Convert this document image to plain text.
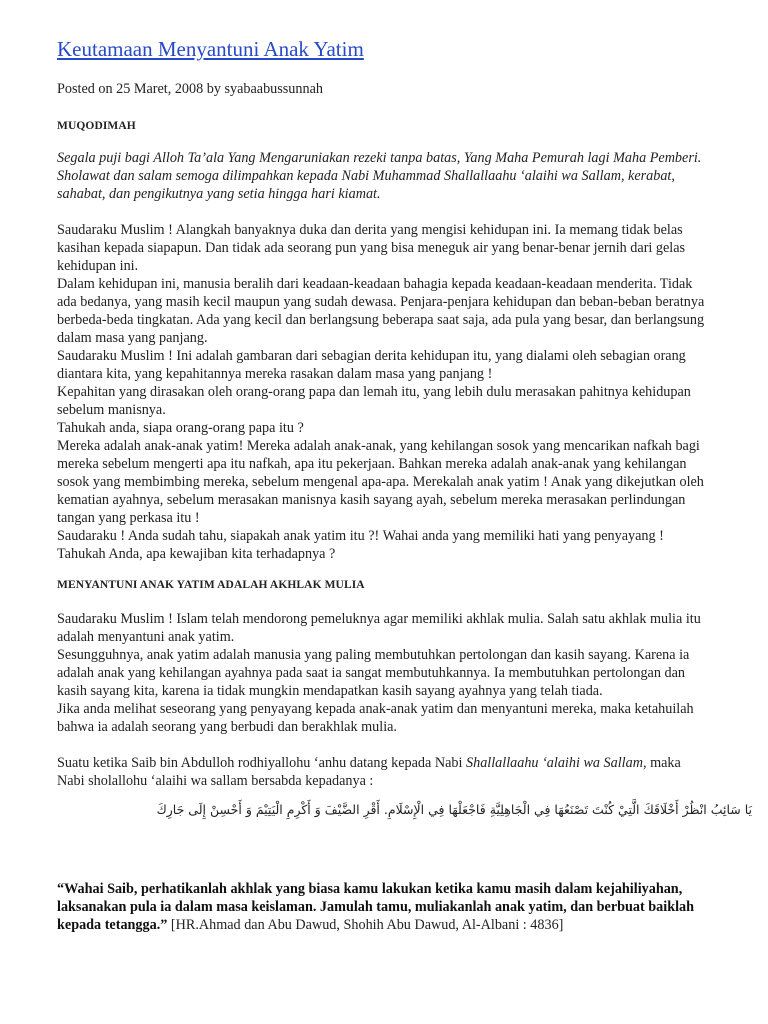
Keutamaan Menyantuni Anak Yatim
Posted on 25 Maret, 2008 by syabaabussunnah
MUQODIMAH

Segala puji bagi Alloh Ta’ala Yang Mengaruniakan rezeki tanpa batas, Yang Maha Pemurah lagi Maha Pemberi.

Sholawat dan salam semoga dilimpahkan kepada Nabi Muhammad Shallallaahu ‘alaihi wa Sallam, kerabat,

sahabat, dan pengikutnya yang setia hingga hari kiamat.

Saudaraku Muslim ! Alangkah banyaknya duka dan derita yang mengisi kehidupan ini. Ia memang tidak belas

kasihan kepada siapapun. Dan tidak ada seorang pun yang bisa meneguk air yang benar-benar jernih dari gelas

kehidupan ini.

Dalam kehidupan ini, manusia beralih dari keadaan-keadaan bahagia kepada keadaan-keadaan menderita. Tidak

ada bedanya, yang masih kecil maupun yang sudah dewasa. Penjara-penjara kehidupan dan beban-beban beratnya

berbeda-beda tingkatan. Ada yang kecil dan berlangsung beberapa saat saja, ada pula yang besar, dan berlangsung

dalam masa yang panjang.

Saudaraku Muslim ! Ini adalah gambaran dari sebagian derita kehidupan itu, yang dialami oleh sebagian orang

diantara kita, yang kepahitannya mereka rasakan dalam masa yang panjang !

Kepahitan yang dirasakan oleh orang-orang papa dan lemah itu, yang lebih dulu merasakan pahitnya kehidupan

sebelum manisnya.

Tahukah anda, siapa orang-orang papa itu ?

Mereka adalah anak-anak yatim! Mereka adalah anak-anak, yang kehilangan sosok yang mencarikan nafkah bagi

mereka sebelum mengerti apa itu nafkah, apa itu pekerjaan. Bahkan mereka adalah anak-anak yang kehilangan

sosok yang membimbing mereka, sebelum mengenal apa-apa. Merekalah anak yatim ! Anak yang dikejutkan oleh

kematian ayahnya, sebelum merasakan manisnya kasih sayang ayah, sebelum mereka merasakan perlindungan

tangan yang perkasa itu !

Saudaraku ! Anda sudah tahu, siapakah anak yatim itu ?! Wahai anda yang memiliki hati yang penyayang !

Tahukah Anda, apa kewajiban kita terhadapnya ?

MENYANTUNI ANAK YATIM ADALAH AKHLAK MULIA

Saudaraku Muslim ! Islam telah mendorong pemeluknya agar memiliki akhlak mulia. Salah satu akhlak mulia itu

adalah menyantuni anak yatim.

Sesungguhnya, anak yatim adalah manusia yang paling membutuhkan pertolongan dan kasih sayang. Karena ia

adalah anak yang kehilangan ayahnya pada saat ia sangat membutuhkannya. Ia membutuhkan pertolongan dan

kasih sayang kita, karena ia tidak mungkin mendapatkan kasih sayang ayahnya yang telah tiada.

Jika anda melihat seseorang yang penyayang kepada anak-anak yatim dan menyantuni mereka, maka ketahuilah

bahwa ia adalah seorang yang berbudi dan berakhlak mulia.

Suatu ketika Saib bin Abdulloh rodhiyallohu ‘anhu datang kepada Nabi Shallallaahu ‘alaihi wa Sallam, maka

Nabi sholallohu ‘alaihi wa sallam bersabda kepadanya :

يَا سَائِبُ انْظُرْ أَخْلَاقَكَ الَّتِيْ كُنْتَ تَصْنَعُهَا فِي الْجَاهِلِيَّةِ فَاجْعَلْهَا فِي الْإِسْلَامِ. أَقْرِ الضَّيْفَ وَ أَكْرِمِ الْيَتِيْمَ وَ أَحْسِنْ إِلَى جَارِكَ

“Wahai Saib, perhatikanlah akhlak yang biasa kamu lakukan ketika kamu masih dalam kejahiliyahan,

laksanakan pula ia dalam masa keislaman. Jamulah tamu, muliakanlah anak yatim, dan berbuat baiklah

kepada tetangga.” [HR.Ahmad dan Abu Dawud, Shohih Abu Dawud, Al-Albani : 4836]
